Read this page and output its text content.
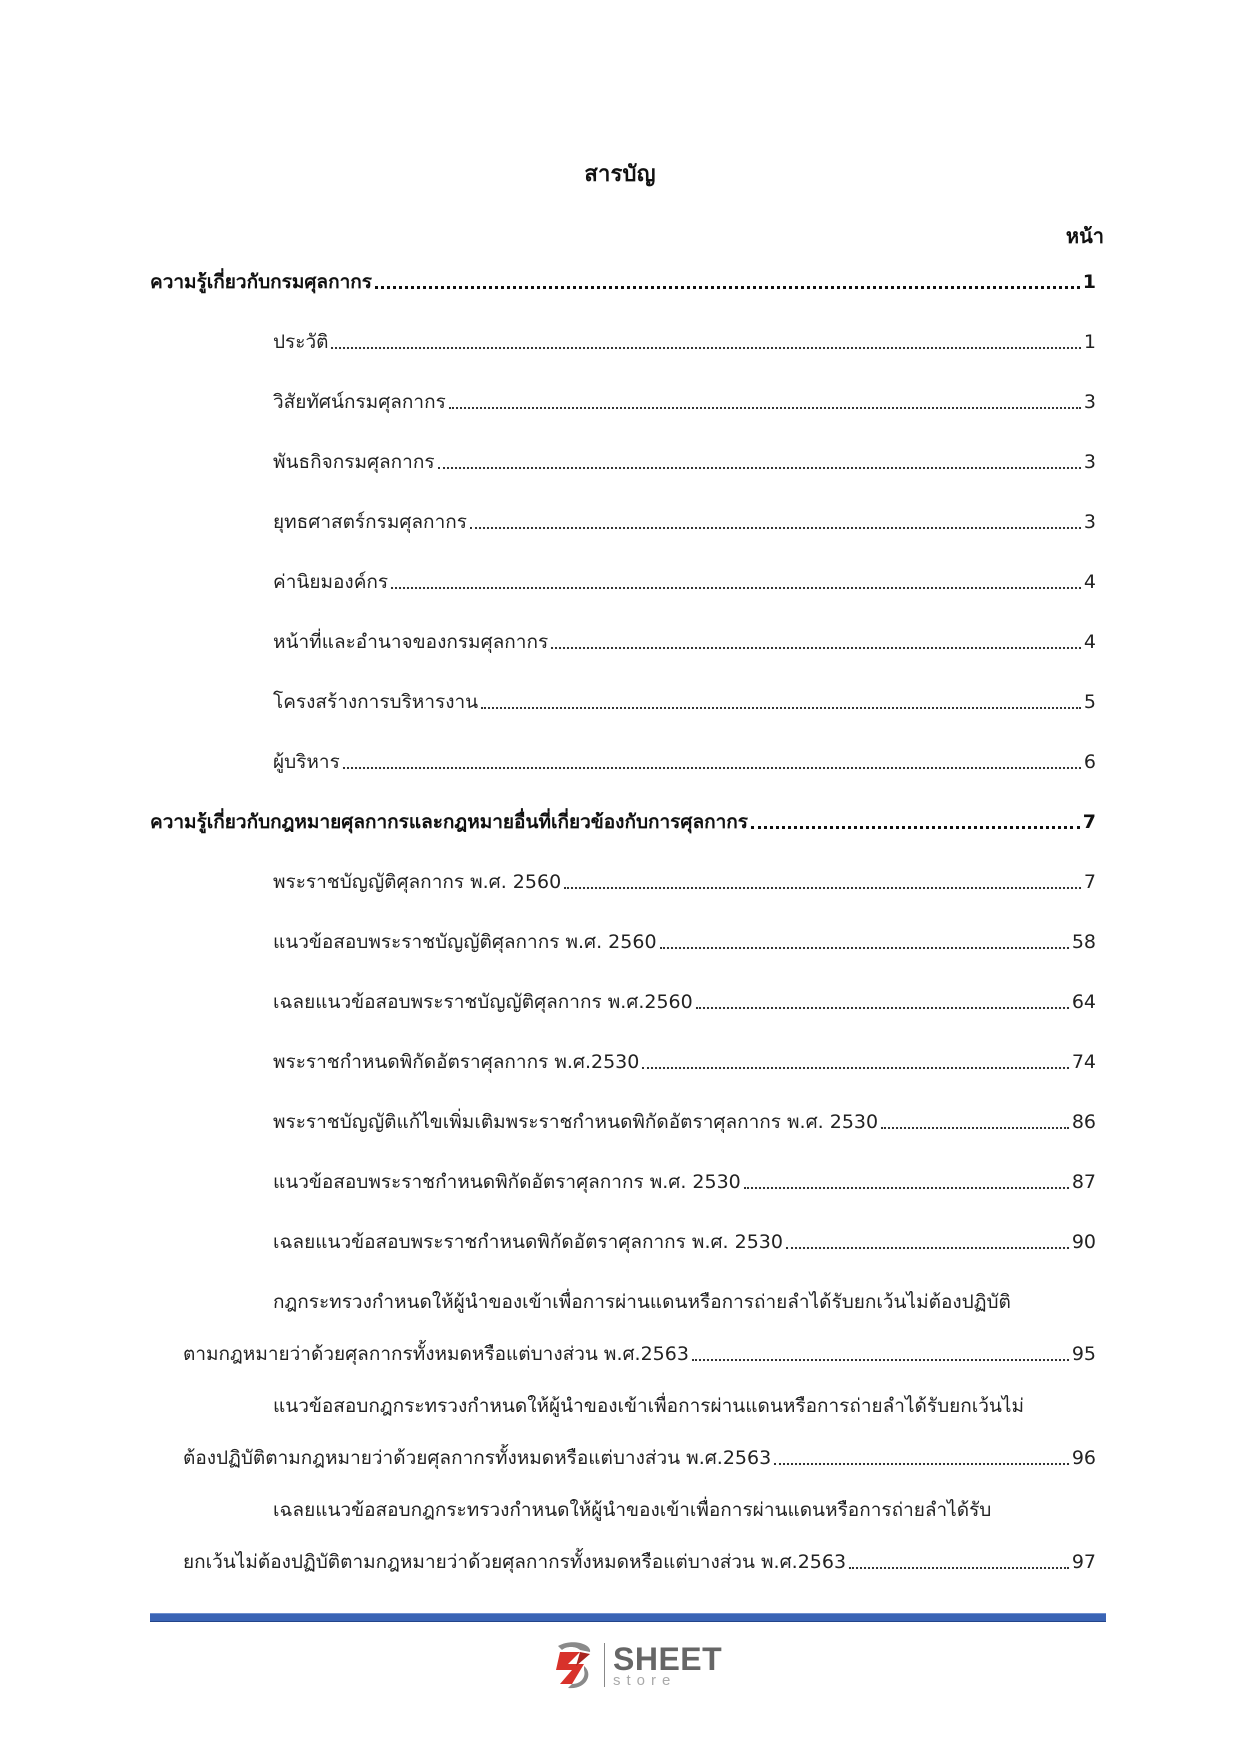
สารบัญ
หน้า
ความรู้เกี่ยวกับกรมศุลกากร	1
ประวัติ	1
วิสัยทัศน์กรมศุลกากร	3
พันธกิจกรมศุลกากร	3
ยุทธศาสตร์กรมศุลกากร	3
ค่านิยมองค์กร	4
หน้าที่และอำนาจของกรมศุลกากร	4
โครงสร้างการบริหารงาน	5
ผู้บริหาร	6
ความรู้เกี่ยวกับกฎหมายศุลกากรและกฎหมายอื่นที่เกี่ยวข้องกับการศุลกากร	7
พระราชบัญญัติศุลกากร พ.ศ. 2560	7
แนวข้อสอบพระราชบัญญัติศุลกากร พ.ศ. 2560	58
เฉลยแนวข้อสอบพระราชบัญญัติศุลกากร พ.ศ.2560	64
พระราชกำหนดพิกัดอัตราศุลกากร พ.ศ.2530	74
พระราชบัญญัติแก้ไขเพิ่มเติมพระราชกำหนดพิกัดอัตราศุลกากร พ.ศ. 2530	86
แนวข้อสอบพระราชกำหนดพิกัดอัตราศุลกากร พ.ศ. 2530	87
เฉลยแนวข้อสอบพระราชกำหนดพิกัดอัตราศุลกากร พ.ศ. 2530	90
กฎกระทรวงกำหนดให้ผู้นำของเข้าเพื่อการผ่านแดนหรือการถ่ายลำได้รับยกเว้นไม่ต้องปฏิบัติ
ตามกฎหมายว่าด้วยศุลกากรทั้งหมดหรือแต่บางส่วน พ.ศ.2563	95
แนวข้อสอบกฎกระทรวงกำหนดให้ผู้นำของเข้าเพื่อการผ่านแดนหรือการถ่ายลำได้รับยกเว้นไม่
ต้องปฏิบัติตามกฎหมายว่าด้วยศุลกากรทั้งหมดหรือแต่บางส่วน พ.ศ.2563	96
เฉลยแนวข้อสอบกฎกระทรวงกำหนดให้ผู้นำของเข้าเพื่อการผ่านแดนหรือการถ่ายลำได้รับ
ยกเว้นไม่ต้องปฏิบัติตามกฎหมายว่าด้วยศุลกากรทั้งหมดหรือแต่บางส่วน พ.ศ.2563	97
SHEET
store
